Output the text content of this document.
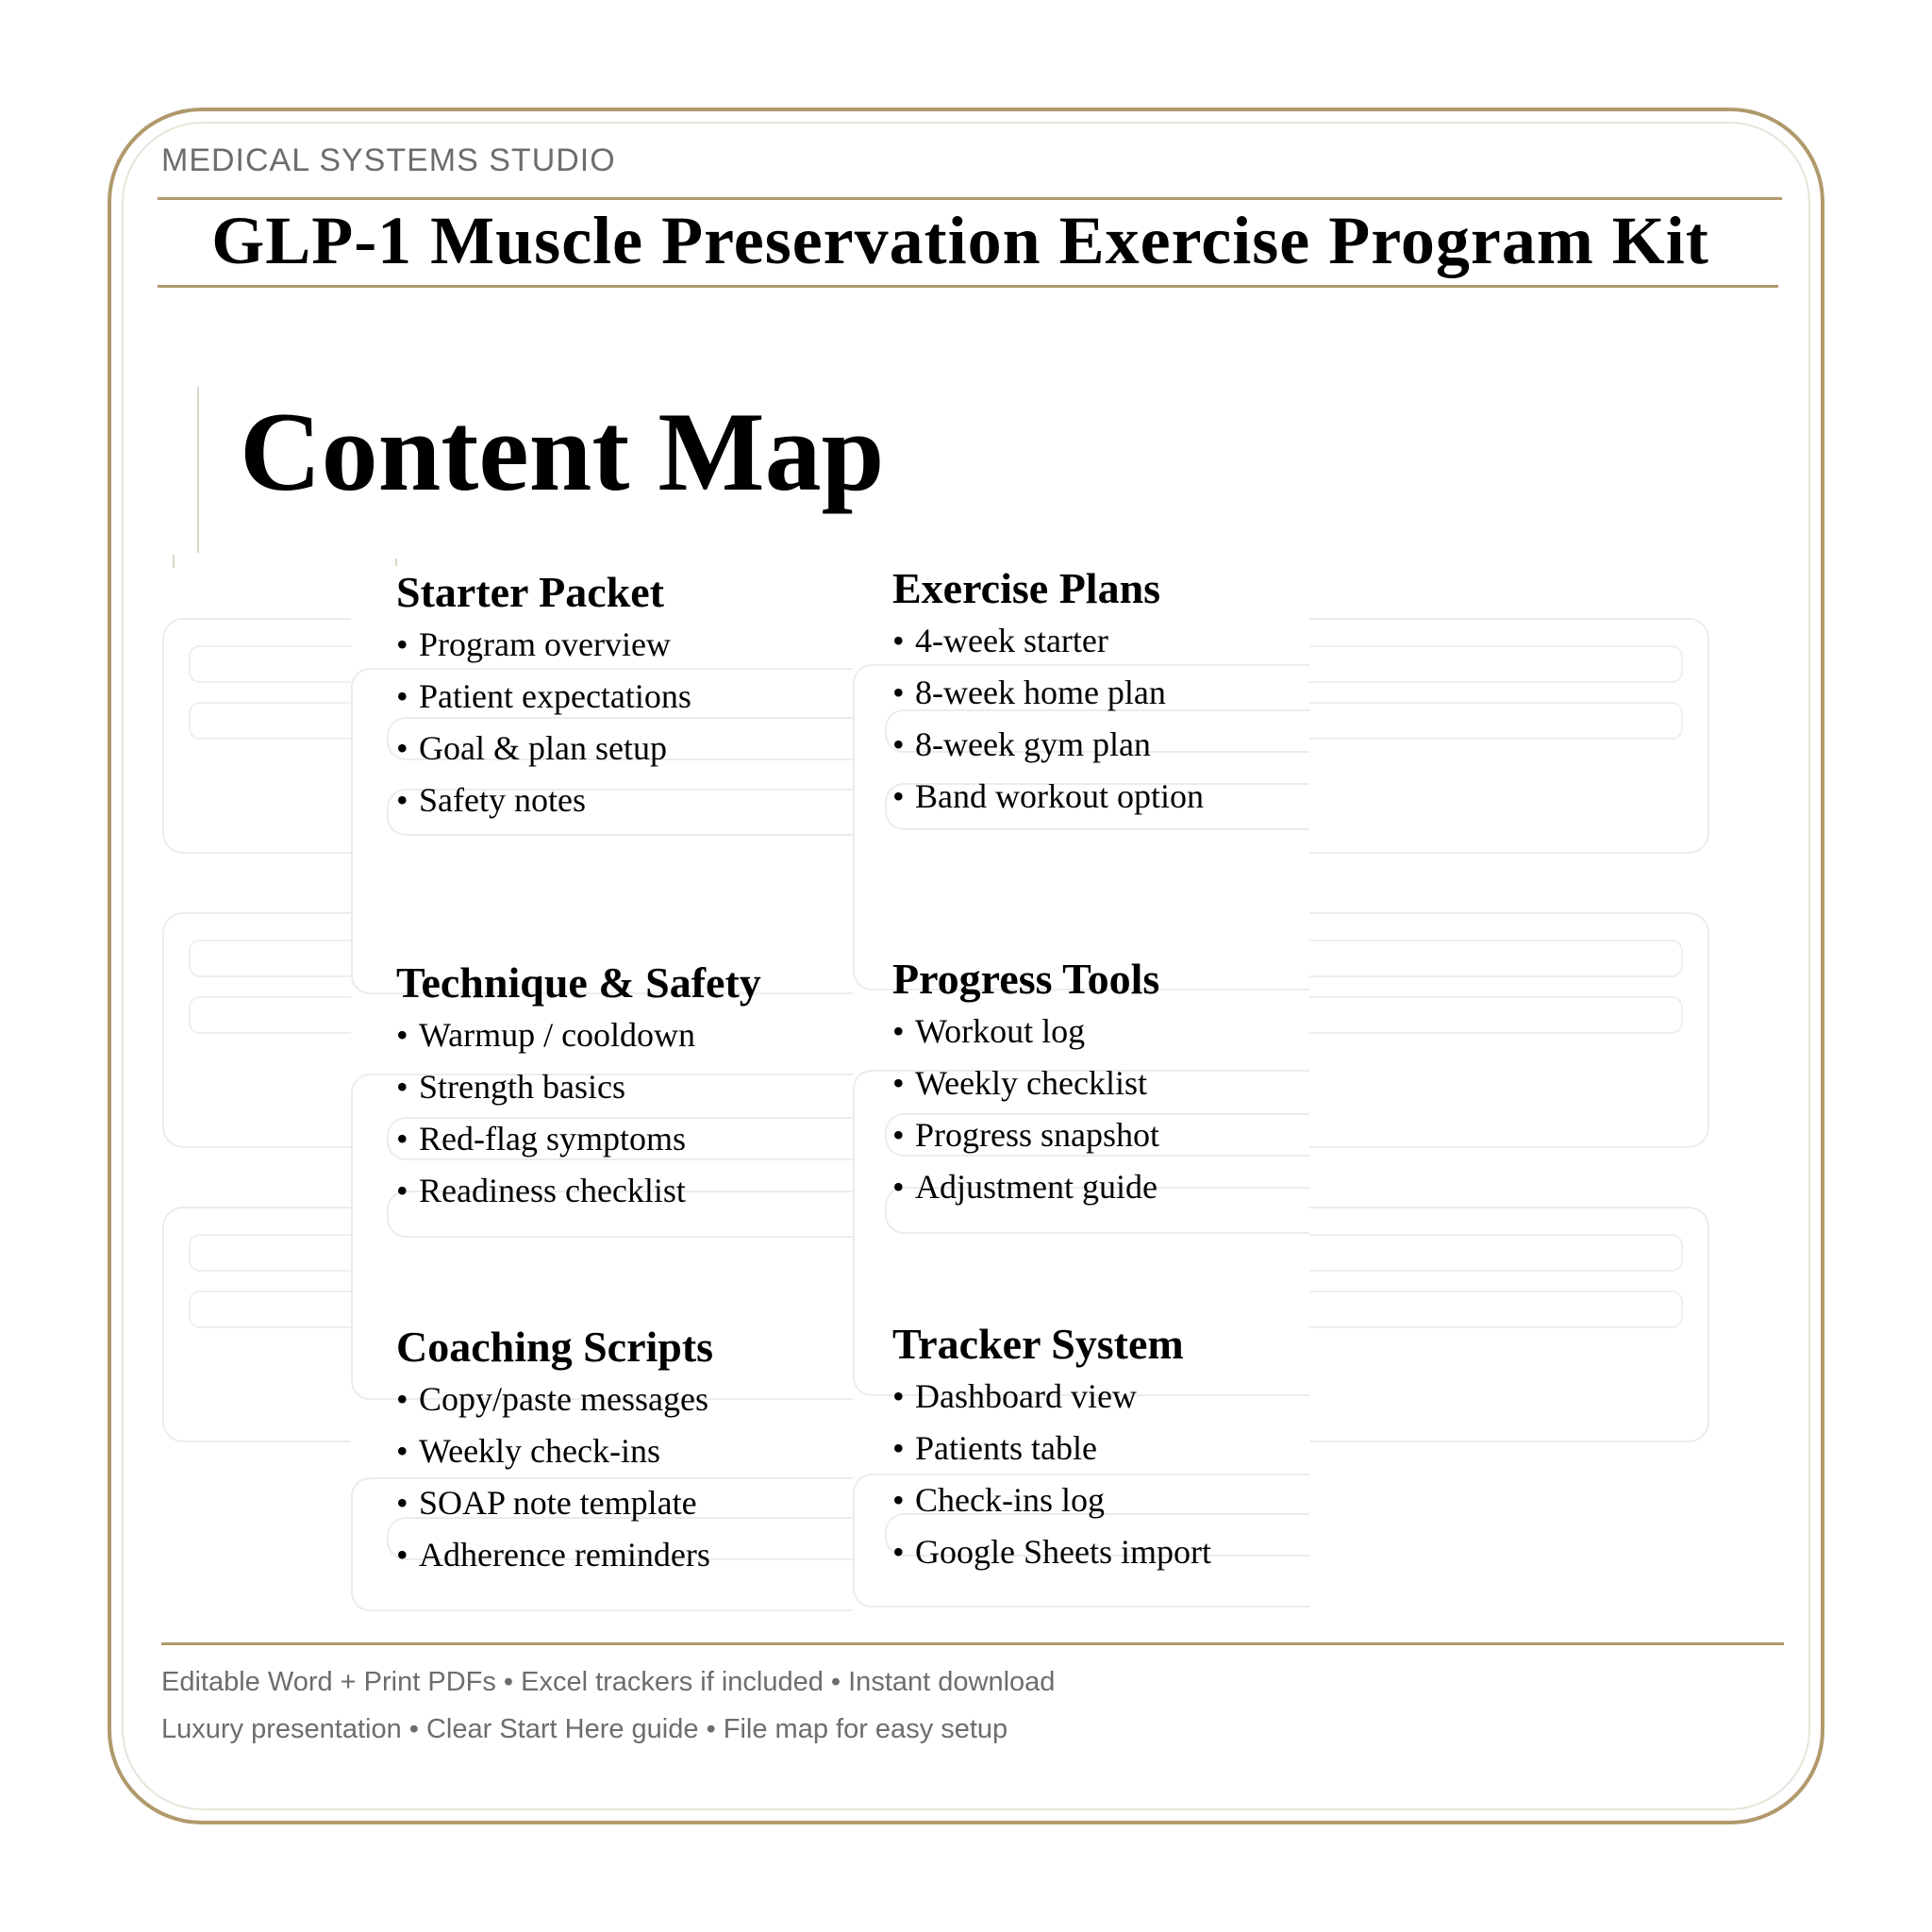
MEDICAL SYSTEMS STUDIO
GLP-1 Muscle Preservation Exercise Program Kit
Content Map
Starter Packet
• Program overview
• Patient expectations
• Goal & plan setup
• Safety notes
Exercise Plans
• 4-week starter
• 8-week home plan
• 8-week gym plan
• Band workout option
Technique & Safety
• Warmup / cooldown
• Strength basics
• Red-flag symptoms
• Readiness checklist
Progress Tools
• Workout log
• Weekly checklist
• Progress snapshot
• Adjustment guide
Coaching Scripts
• Copy/paste messages
• Weekly check-ins
• SOAP note template
• Adherence reminders
Tracker System
• Dashboard view
• Patients table
• Check-ins log
• Google Sheets import
Editable Word + Print PDFs • Excel trackers if included • Instant download
Luxury presentation • Clear Start Here guide • File map for easy setup
